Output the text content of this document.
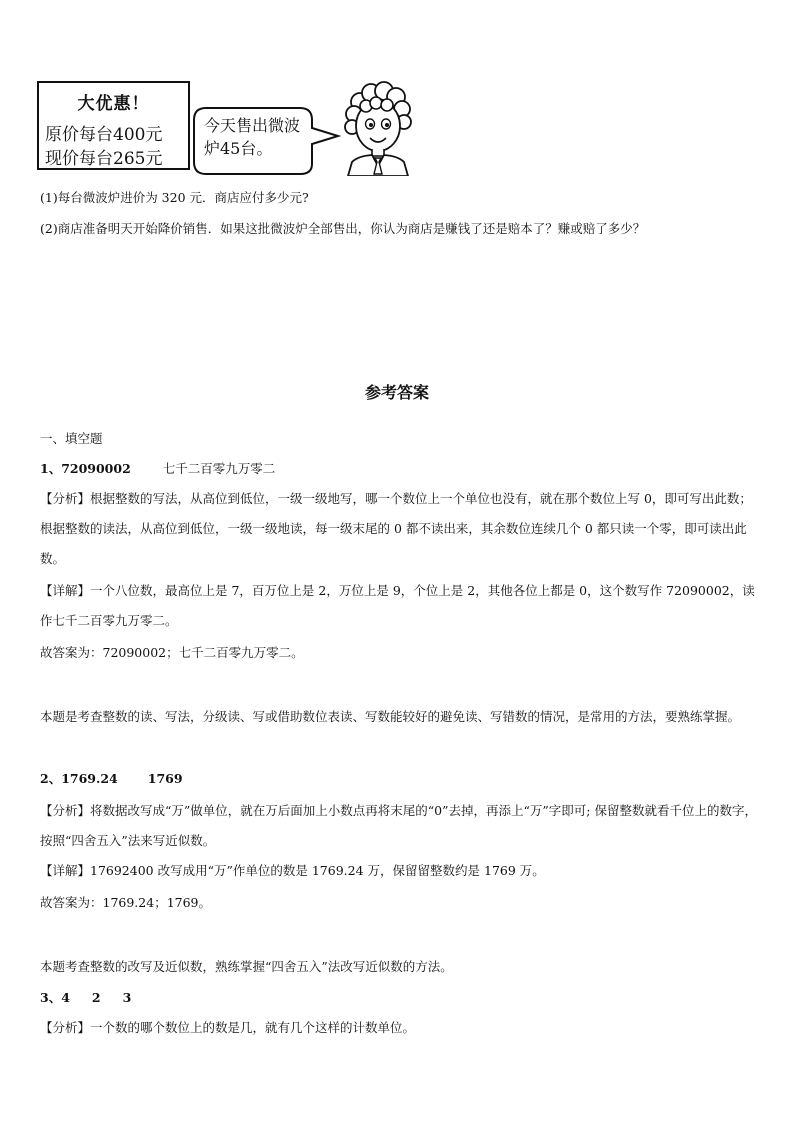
大优惠！
原价每台400元
现价每台265元
今天售出微波炉45台。
(1)每台微波炉进价为 320 元．商店应付多少元?
(2)商店准备明天开始降价销售．如果这批微波炉全部售出，你认为商店是赚钱了还是赔本了？赚或赔了多少？
参考答案
一、填空题
1、72090002	七千二百零九万零二
【分析】根据整数的写法，从高位到低位，一级一级地写，哪一个数位上一个单位也没有，就在那个数位上写 0，即可写出此数；根据整数的读法，从高位到低位，一级一级地读，每一级末尾的 0 都不读出来，其余数位连续几个 0 都只读一个零，即可读出此数。
【详解】一个八位数，最高位上是 7，百万位上是 2，万位上是 9，个位上是 2，其他各位上都是 0，这个数写作 72090002，读作七千二百零九万零二。
故答案为：72090002；七千二百零九万零二。
本题是考查整数的读、写法，分级读、写或借助数位表读、写数能较好的避免读、写错数的情况，是常用的方法，要熟练掌握。
2、1769.24 1769
【分析】将数据改写成“万”做单位，就在万后面加上小数点再将末尾的“0”去掉，再添上“万”字即可; 保留整数就看千位上的数字，按照“四舍五入”法来写近似数。
【详解】17692400 改写成用“万”作单位的数是 1769.24 万，保留留整数约是 1769 万。
故答案为：1769.24；1769。
本题考查整数的改写及近似数，熟练掌握“四舍五入”法改写近似数的方法。
3、4 2 3
【分析】一个数的哪个数位上的数是几，就有几个这样的计数单位。
